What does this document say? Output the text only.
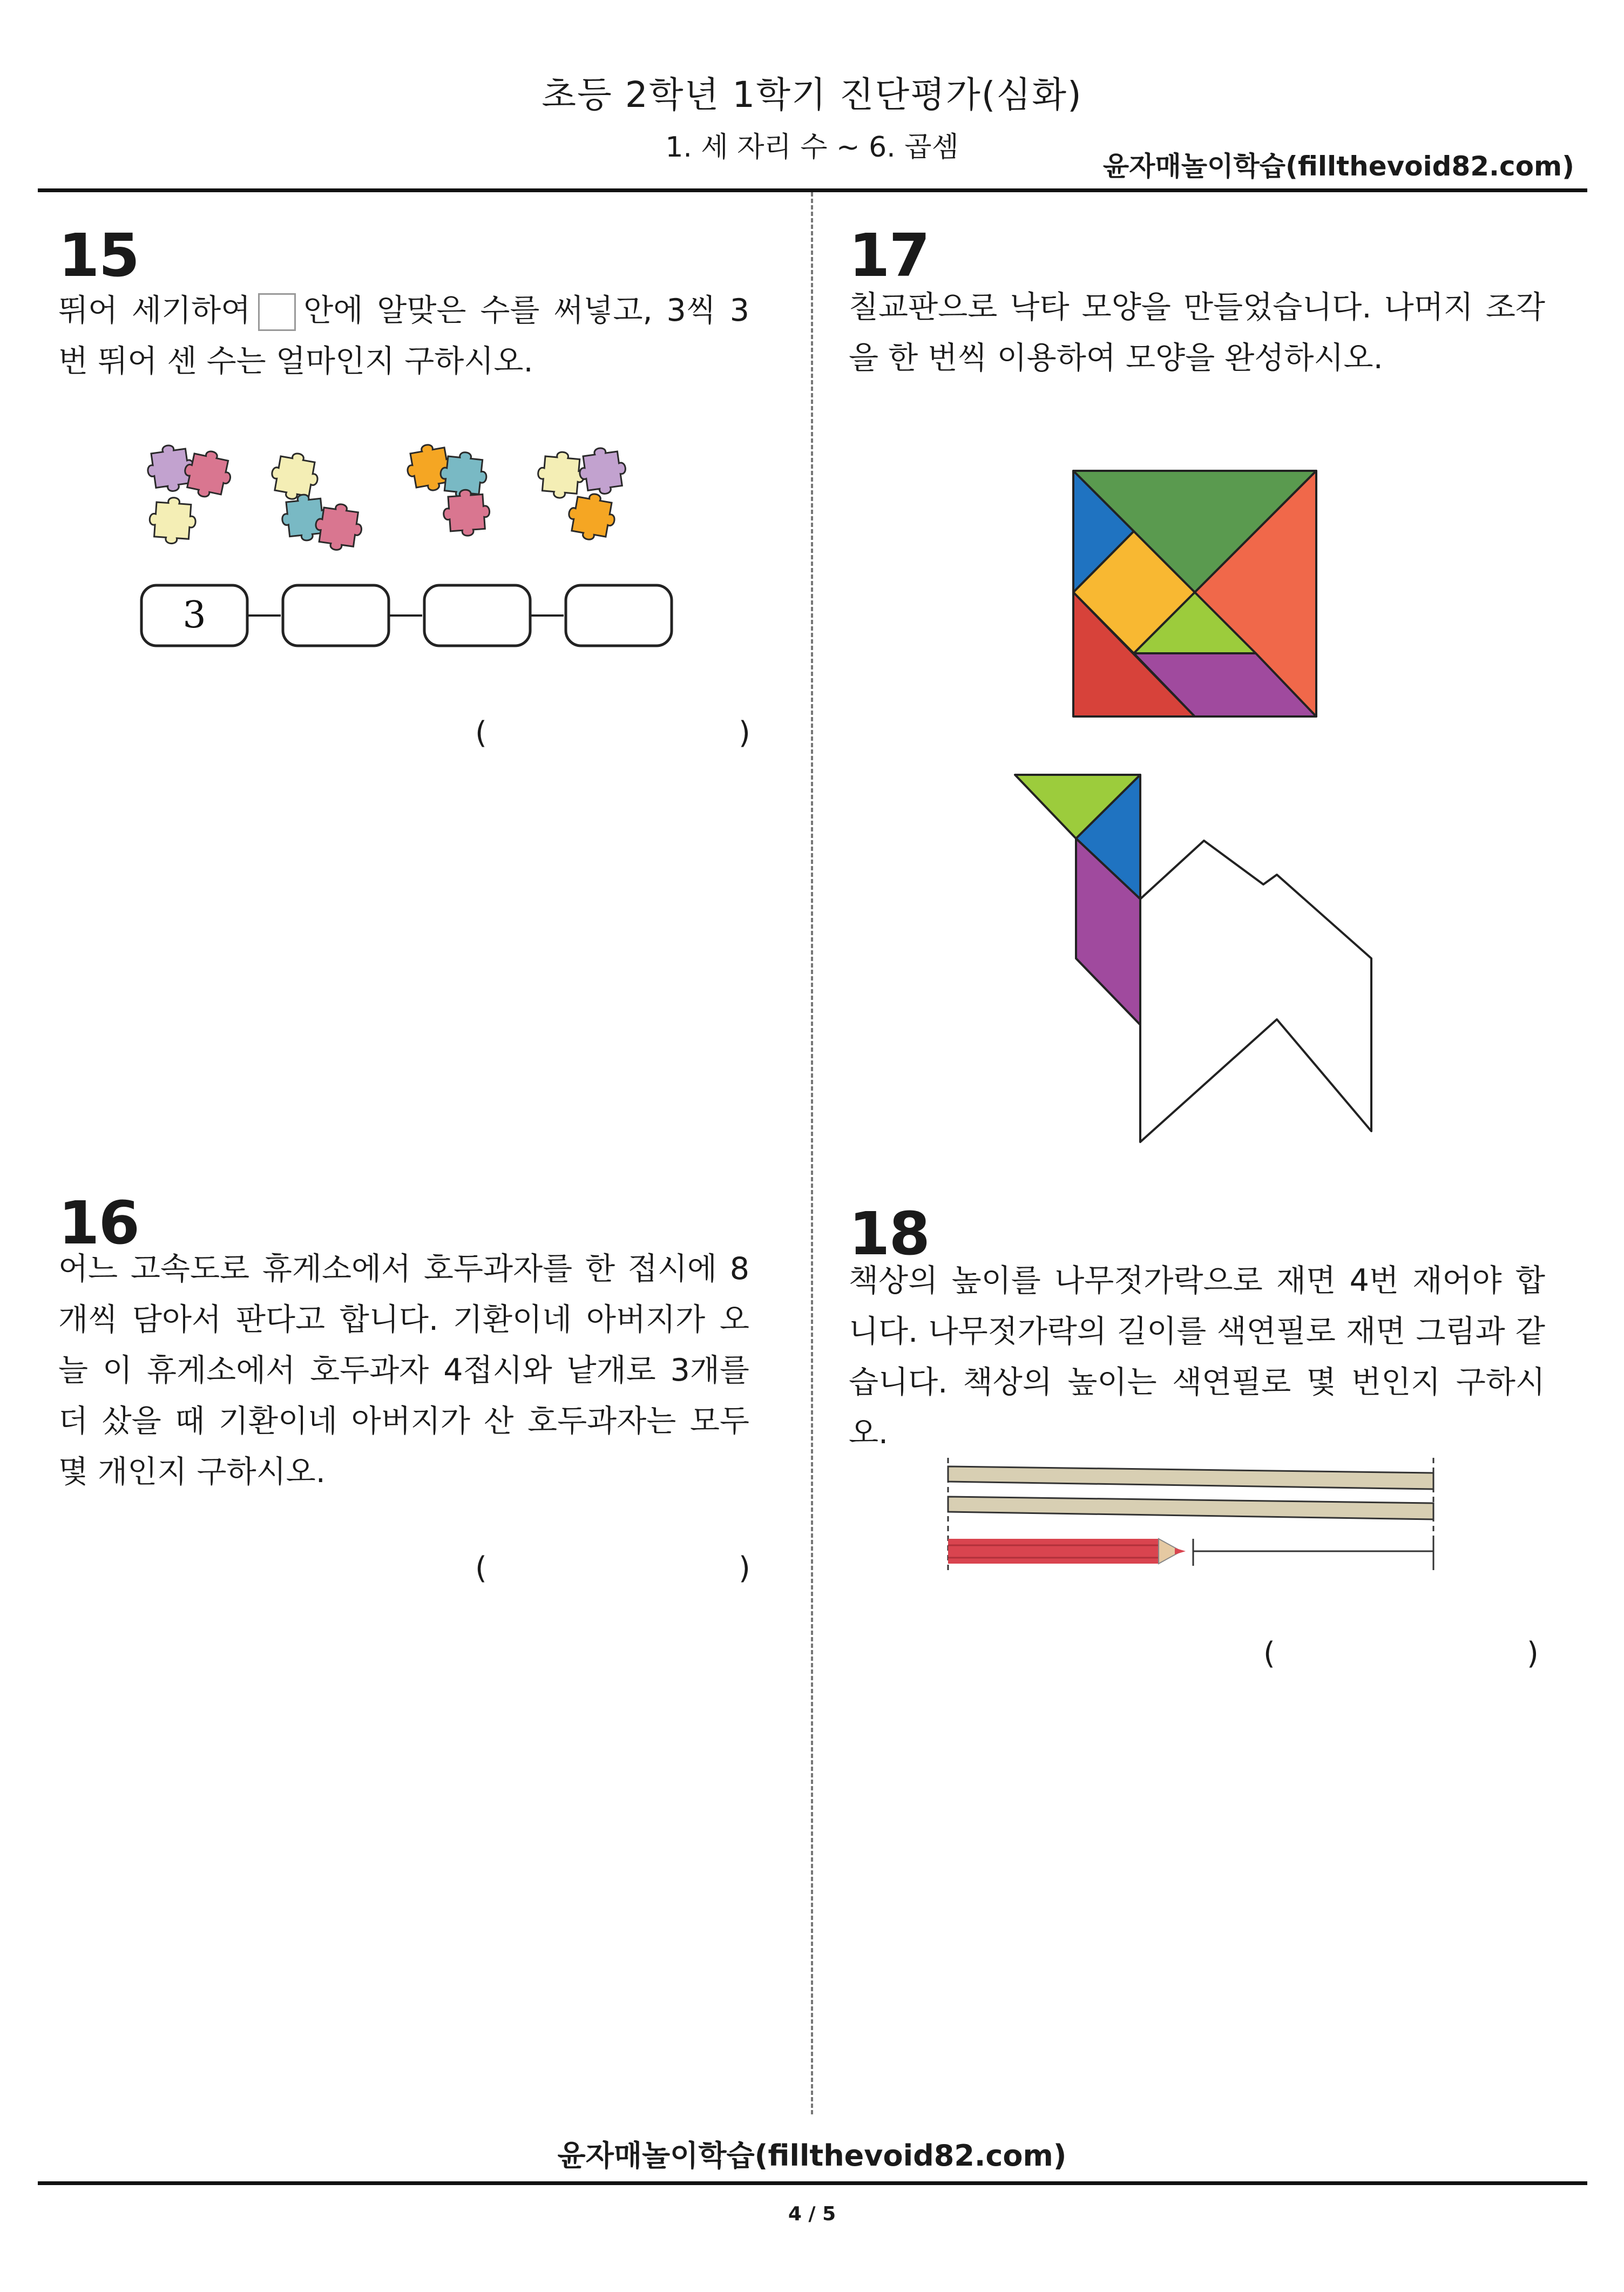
초등 2학년 1학기 진단평가(심화)
1. 세 자리 수 ~ 6. 곱셈
윤자매놀이학습(fillthevoid82.com)
15
뛰어 세기하여 안에 알맞은 수를 써넣고, 3씩 3 번 뛰어 센 수는 얼마인지 구하시오.
3
(	)
16
어느 고속도로 휴게소에서 호두과자를 한 접시에 8개씩 담아서 판다고 합니다. 기환이네 아버지가 오늘 이 휴게소에서 호두과자 4접시와 낱개로 3개를 더 샀을 때 기환이네 아버지가 산 호두과자는 모두 몇 개인지 구하시오.
(	)
17
칠교판으로 낙타 모양을 만들었습니다. 나머지 조각을 한 번씩 이용하여 모양을 완성하시오.
18
책상의 높이를 나무젓가락으로 재면 4번 재어야 합니다. 나무젓가락의 길이를 색연필로 재면 그림과 같습니다. 책상의 높이는 색연필로 몇 번인지 구하시오.
(	)
윤자매놀이학습(fillthevoid82.com)
4 / 5
